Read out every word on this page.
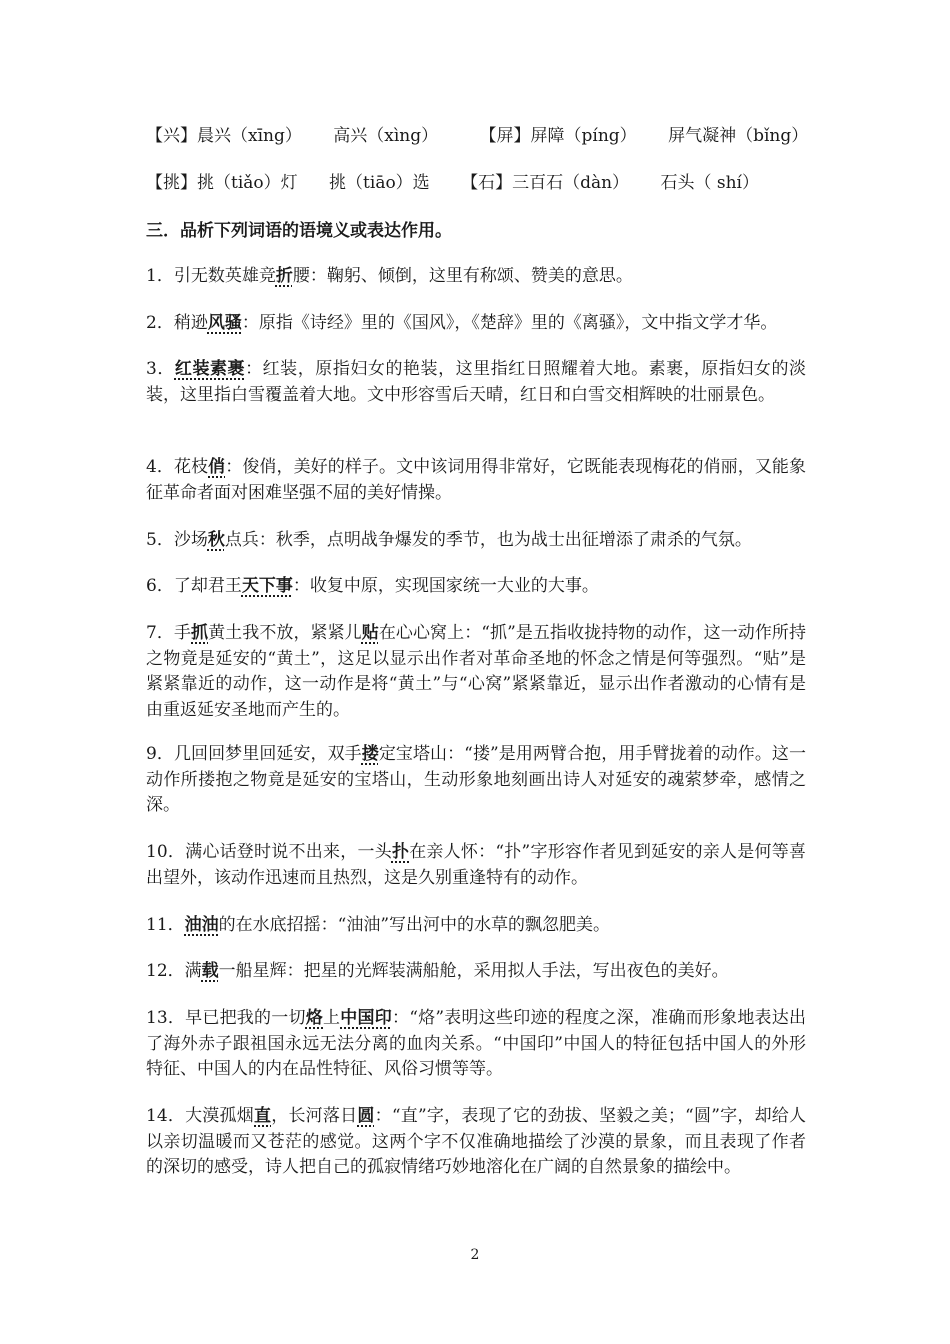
【兴】晨兴（xīng） 高兴（xìng） 【屏】屏障（píng） 屏气凝神（bǐng）
【挑】挑（tiǎo）灯 挑（tiāo）选 【石】三百石（dàn） 石头（ shí）
三．品析下列词语的语境义或表达作用。
1．引无数英雄竞折腰：鞠躬、倾倒，这里有称颂、赞美的意思。
2．稍逊风骚：原指《诗经》里的《国风》，《楚辞》里的《离骚》，文中指文学才华。
3．红装素裹：红装，原指妇女的艳装，这里指红日照耀着大地。素裹，原指妇女的淡装，这里指白雪覆盖着大地。文中形容雪后天晴，红日和白雪交相辉映的壮丽景色。
4．花枝俏：俊俏，美好的样子。文中该词用得非常好，它既能表现梅花的俏丽，又能象征革命者面对困难坚强不屈的美好情操。
5．沙场秋点兵：秋季，点明战争爆发的季节，也为战士出征增添了肃杀的气氛。
6．了却君王天下事：收复中原，实现国家统一大业的大事。
7．手抓黄土我不放，紧紧儿贴在心心窝上：“抓”是五指收拢持物的动作，这一动作所持之物竟是延安的“黄土”，这足以显示出作者对革命圣地的怀念之情是何等强烈。“贴”是紧紧靠近的动作，这一动作是将“黄土”与“心窝”紧紧靠近，显示出作者激动的心情有是由重返延安圣地而产生的。
9．几回回梦里回延安，双手搂定宝塔山：“搂”是用两臂合抱，用手臂拢着的动作。这一动作所搂抱之物竟是延安的宝塔山，生动形象地刻画出诗人对延安的魂萦梦牵，感情之深。
10．满心话登时说不出来，一头扑在亲人怀：“扑”字形容作者见到延安的亲人是何等喜出望外，该动作迅速而且热烈，这是久别重逢特有的动作。
11．油油的在水底招摇：“油油”写出河中的水草的飘忽肥美。
12．满载一船星辉：把星的光辉装满船舱，采用拟人手法，写出夜色的美好。
13．早已把我的一切烙上中国印：“烙”表明这些印迹的程度之深，准确而形象地表达出了海外赤子跟祖国永远无法分离的血肉关系。“中国印”中国人的特征包括中国人的外形特征、中国人的内在品性特征、风俗习惯等等。
14．大漠孤烟直，长河落日圆：“直”字，表现了它的劲拔、坚毅之美；“圆”字，却给人以亲切温暖而又苍茫的感觉。这两个字不仅准确地描绘了沙漠的景象，而且表现了作者的深切的感受，诗人把自己的孤寂情绪巧妙地溶化在广阔的自然景象的描绘中。
2
